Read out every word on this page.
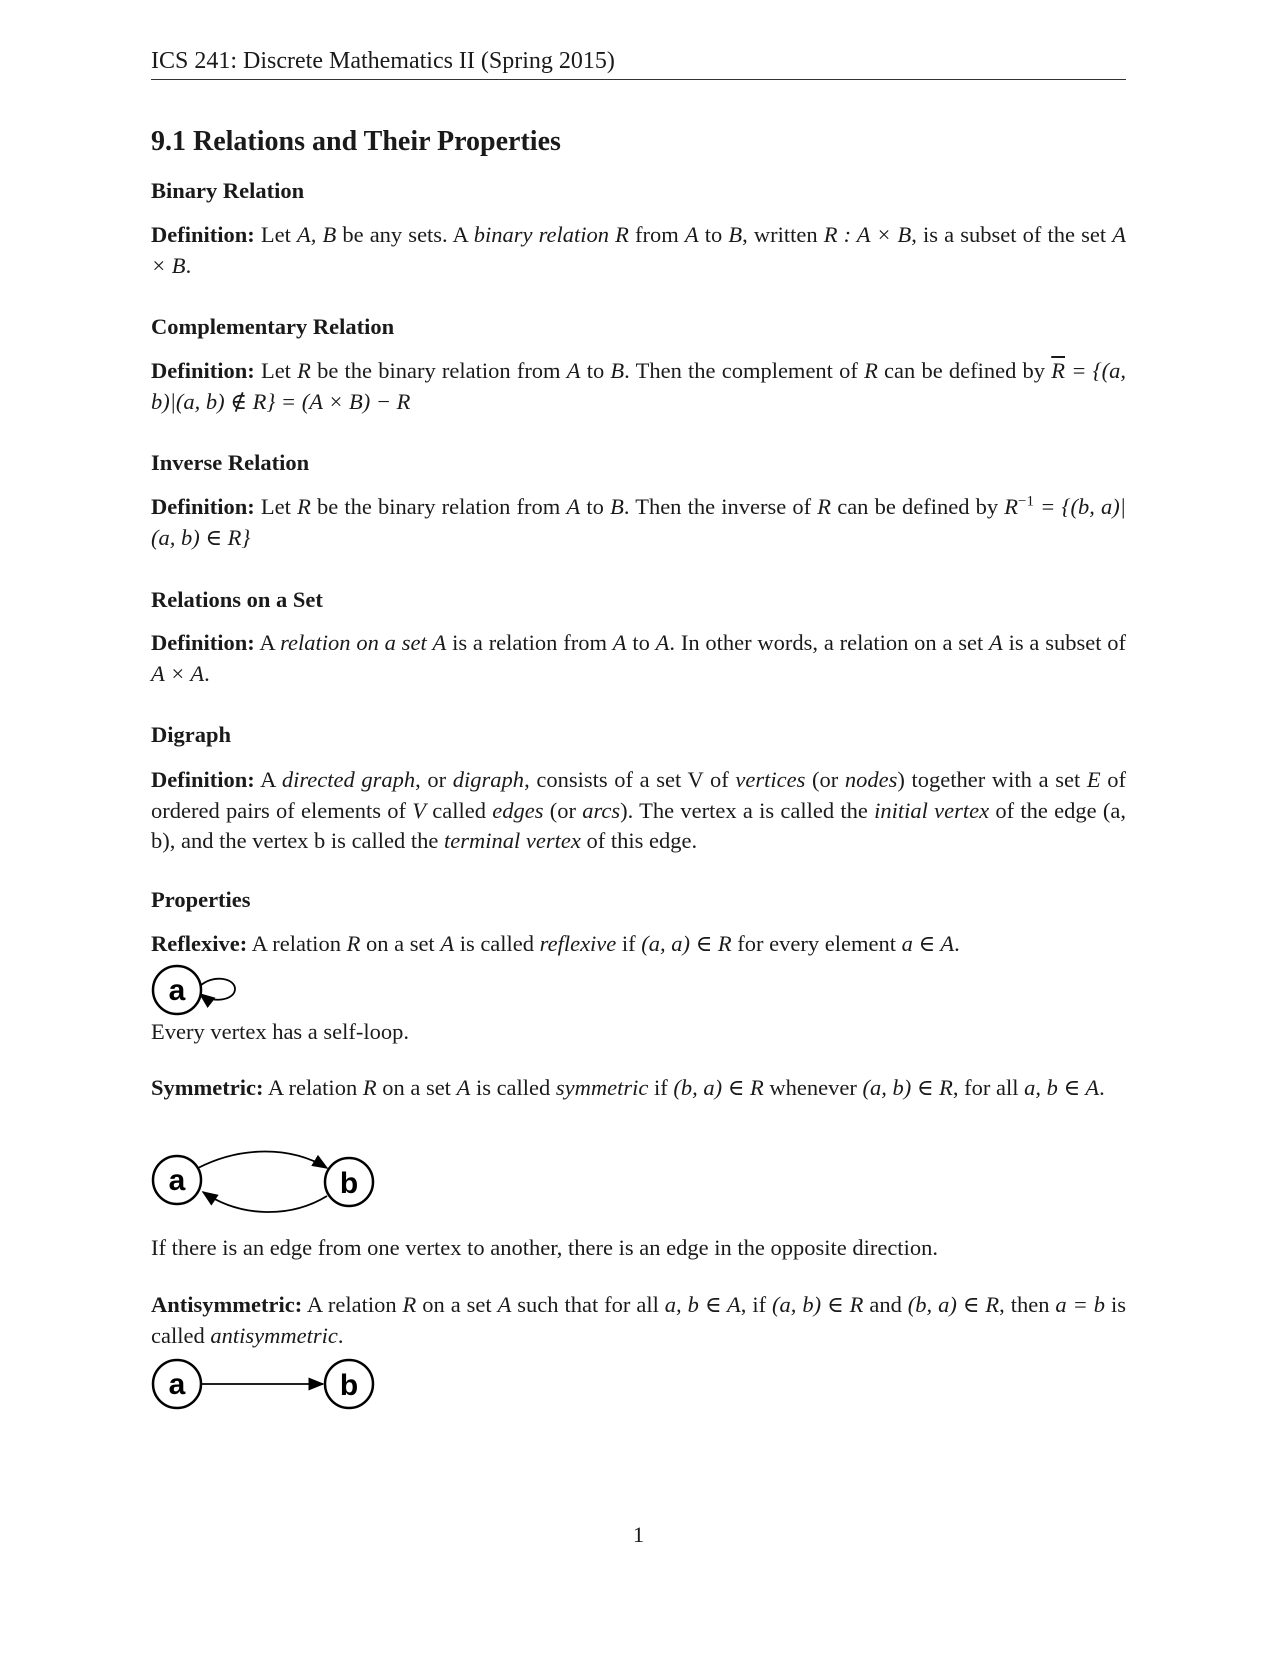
ICS 241: Discrete Mathematics II (Spring 2015)
9.1 Relations and Their Properties
Binary Relation
Definition: Let A, B be any sets. A binary relation R from A to B, written R : A × B, is a subset of the set A × B.
Complementary Relation
Definition: Let R be the binary relation from A to B. Then the complement of R can be defined by $\overline{R} = \{(a$, b)|(a, b) ∉ R} = (A × B) − R
Inverse Relation
Definition: Let R be the binary relation from A to B. Then the inverse of R can be defined by $R^{-1} = \{(b$, a)|(a, b) ∈ R}
Relations on a Set
Definition: A relation on a set A is a relation from A to A. In other words, a relation on a set A is a subset of A × A.
Digraph
Definition: A directed graph, or digraph, consists of a set V of vertices (or nodes) together with a set E of ordered pairs of elements of V called edges (or arcs). The vertex a is called the initial vertex of the edge (a, b), and the vertex b is called the terminal vertex of this edge.
Properties
Reflexive: A relation R on a set A is called reflexive if (a, a) ∈ R for every element a ∈ A.
a
Every vertex has a self-loop.
Symmetric: A relation R on a set A is called symmetric if (b, a) ∈ R whenever (a, b) ∈ R, for all a, b ∈ A.
a	b
If there is an edge from one vertex to another, there is an edge in the opposite direction.
Antisymmetric: A relation R on a set A such that for all a, b ∈ A, if (a, b) ∈ R and (b, a) ∈ R, then a = b is called antisymmetric.
a	b
1
